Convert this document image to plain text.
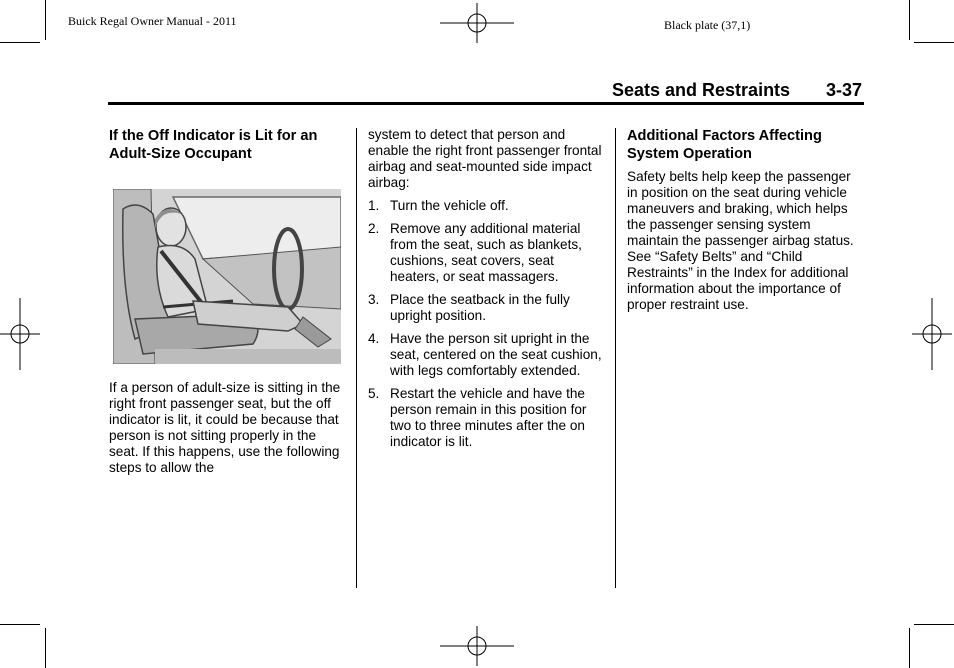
Buick Regal Owner Manual - 2011	Black plate (37,1)
Seats and Restraints 3-37
If the Off Indicator is Lit for an Adult-Size Occupant

If a person of adult-size is sitting in the right front passenger seat, but the off indicator is lit, it could be because that person is not sitting properly in the seat. If this happens, use the following steps to allow the

system to detect that person and enable the right front passenger frontal airbag and seat-mounted side impact airbag:

1. Turn the vehicle off.
2. Remove any additional material from the seat, such as blankets, cushions, seat covers, seat heaters, or seat massagers.
3. Place the seatback in the fully upright position.
4. Have the person sit upright in the seat, centered on the seat cushion, with legs comfortably extended.
5. Restart the vehicle and have the person remain in this position for two to three minutes after the on indicator is lit.
Additional Factors Affecting System Operation

Safety belts help keep the passenger in position on the seat during vehicle maneuvers and braking, which helps the passenger sensing system maintain the passenger airbag status. See “Safety Belts” and “Child Restraints” in the Index for additional information about the importance of proper restraint use.
